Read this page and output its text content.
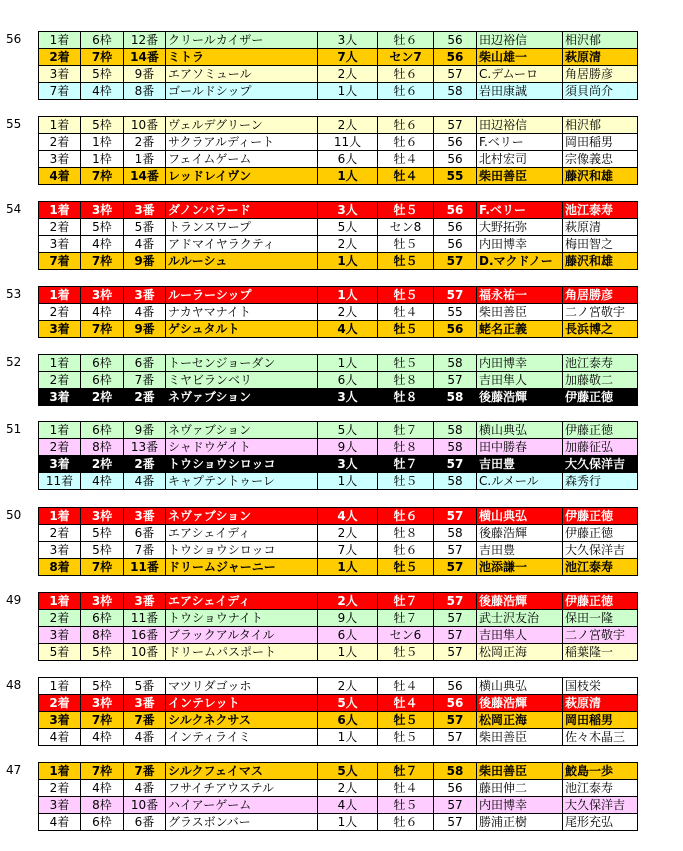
56	1着	6枠	12番	クリールカイザー	3人	牡６	56	田辺裕信	相沢郁
2着	7枠	14番	ミトラ	7人	セン7	56	柴山雄一	萩原清
3着	5枠	9番	エアソミュール	2人	牡６	57	C.デムーロ	角居勝彦
7着	4枠	8番	ゴールドシップ	1人	牡６	58	岩田康誠	須貝尚介
55	1着	5枠	10番	ヴェルデグリーン	2人	牡６	57	田辺裕信	相沢郁
2着	1枠	2番	サクラアルディート	11人	牡６	56	F.ベリー	岡田稲男
3着	1枠	1番	フェイムゲーム	6人	牡４	56	北村宏司	宗像義忠
4着	7枠	14番	レッドレイヴン	1人	牡４	55	柴田善臣	藤沢和雄
54	1着	3枠	3番	ダノンバラード	3人	牡５	56	F.ベリー	池江泰寿
2着	5枠	5番	トランスワープ	5人	セン8	56	大野拓弥	萩原清
3着	4枠	4番	アドマイヤラクティ	2人	牡５	56	内田博幸	梅田智之
7着	7枠	9番	ルルーシュ	1人	牡５	57	D.マクドノー	藤沢和雄
53	1着	3枠	3番	ルーラーシップ	1人	牡５	57	福永祐一	角居勝彦
2着	4枠	4番	ナカヤマナイト	2人	牡４	55	柴田善臣	二ノ宮敬宇
3着	7枠	9番	ゲシュタルト	4人	牡５	56	蛯名正義	長浜博之
52	1着	6枠	6番	トーセンジョーダン	1人	牡５	58	内田博幸	池江泰寿
2着	6枠	7番	ミヤビランベリ	6人	牡８	57	吉田隼人	加藤敬二
3着	2枠	2番	ネヴァブション	3人	牡８	58	後藤浩輝	伊藤正徳
51	1着	6枠	9番	ネヴァブション	5人	牡７	58	横山典弘	伊藤正徳
2着	8枠	13番	シャドウゲイト	9人	牡８	58	田中勝春	加藤征弘
3着	2枠	2番	トウショウシロッコ	3人	牡７	57	吉田豊	大久保洋吉
11着	4枠	4番	キャプテントゥーレ	1人	牡５	58	C.ルメール	森秀行
50	1着	3枠	3番	ネヴァブション	4人	牡６	57	横山典弘	伊藤正徳
2着	5枠	6番	エアシェイディ	2人	牡８	58	後藤浩輝	伊藤正徳
3着	5枠	7番	トウショウシロッコ	7人	牡６	57	吉田豊	大久保洋吉
8着	7枠	11番	ドリームジャーニー	1人	牡５	57	池添謙一	池江泰寿
49	1着	3枠	3番	エアシェイディ	2人	牡７	57	後藤浩輝	伊藤正徳
2着	6枠	11番	トウショウナイト	9人	牡７	57	武士沢友治	保田一隆
3着	8枠	16番	ブラックアルタイル	6人	セン6	57	吉田隼人	二ノ宮敬宇
5着	5枠	10番	ドリームパスポート	1人	牡５	57	松岡正海	稲葉隆一
48	1着	5枠	5番	マツリダゴッホ	2人	牡４	56	横山典弘	国枝栄
2着	3枠	3番	インテレット	5人	牡４	56	後藤浩輝	萩原清
3着	7枠	7番	シルクネクサス	6人	牡５	57	松岡正海	岡田稲男
4着	4枠	4番	インティライミ	1人	牡５	57	柴田善臣	佐々木晶三
47	1着	7枠	7番	シルクフェイマス	5人	牡７	58	柴田善臣	鮫島一歩
2着	4枠	4番	フサイチアウステル	2人	牡４	56	藤田伸二	池江泰寿
3着	8枠	10番	ハイアーゲーム	4人	牡５	57	内田博幸	大久保洋吉
4着	6枠	6番	グラスボンバー	1人	牡６	57	勝浦正樹	尾形充弘
